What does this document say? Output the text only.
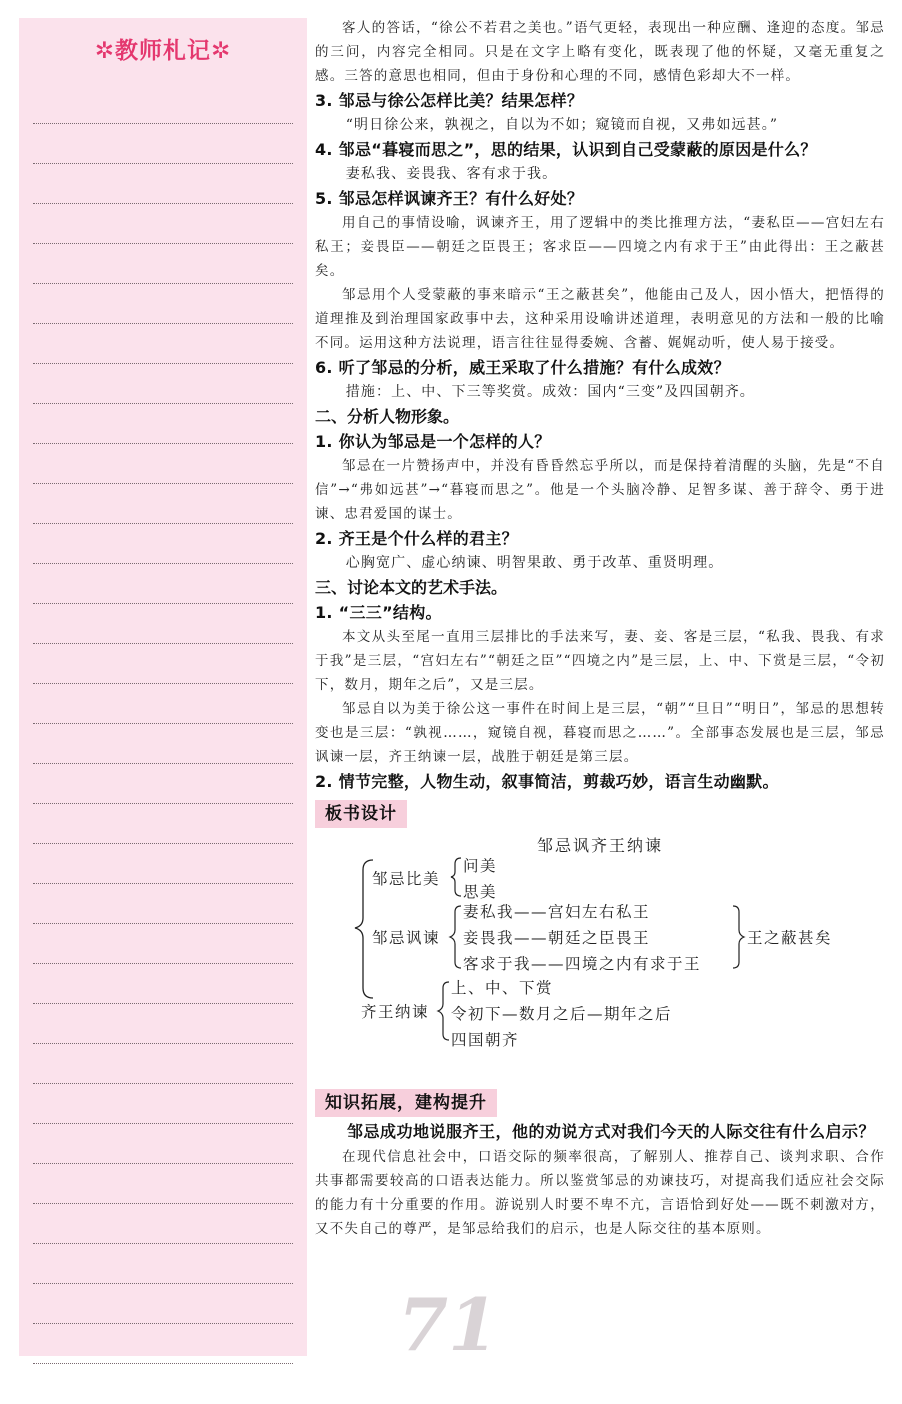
✲教师札记✲
71

客人的答话，“徐公不若君之美也。”语气更轻，表现出一种应酬、逢迎的态度。邹忌的三问，内容完全相同。只是在文字上略有变化，既表现了他的怀疑，又毫无重复之感。三答的意思也相同，但由于身份和心理的不同，感情色彩却大不一样。

3. 邹忌与徐公怎样比美？结果怎样？

“明日徐公来，孰视之，自以为不如；窥镜而自视，又弗如远甚。”

4. 邹忌“暮寝而思之”，思的结果，认识到自己受蒙蔽的原因是什么？

妻私我、妾畏我、客有求于我。

5. 邹忌怎样讽谏齐王？有什么好处？

用自己的事情设喻，讽谏齐王，用了逻辑中的类比推理方法，“妻私臣——宫妇左右私王；妾畏臣——朝廷之臣畏王；客求臣——四境之内有求于王”由此得出：王之蔽甚矣。

邹忌用个人受蒙蔽的事来暗示“王之蔽甚矣”，他能由己及人，因小悟大，把悟得的道理推及到治理国家政事中去，这种采用设喻讲述道理，表明意见的方法和一般的比喻不同。运用这种方法说理，语言往往显得委婉、含蓄、娓娓动听，使人易于接受。

6. 听了邹忌的分析，威王采取了什么措施？有什么成效？

措施：上、中、下三等奖赏。成效：国内“三变”及四国朝齐。

二、分析人物形象。

1. 你认为邹忌是一个怎样的人？

邹忌在一片赞扬声中，并没有昏昏然忘乎所以，而是保持着清醒的头脑，先是“不自信”→“弗如远甚”→“暮寝而思之”。他是一个头脑冷静、足智多谋、善于辞令、勇于进谏、忠君爱国的谋士。

2. 齐王是个什么样的君主？

心胸宽广、虚心纳谏、明智果敢、勇于改革、重贤明理。

三、讨论本文的艺术手法。

1. “三三”结构。

本文从头至尾一直用三层排比的手法来写，妻、妾、客是三层，“私我、畏我、有求于我”是三层，“宫妇左右”“朝廷之臣”“四境之内”是三层，上、中、下赏是三层，“令初下，数月，期年之后”，又是三层。

邹忌自以为美于徐公这一事件在时间上是三层，“朝”“旦日”“明日”，邹忌的思想转变也是三层：“孰视……，窥镜自视，暮寝而思之……”。全部事态发展也是三层，邹忌讽谏一层，齐王纳谏一层，战胜于朝廷是第三层。

2. 情节完整，人物生动，叙事简洁，剪裁巧妙，语言生动幽默。

板书设计
邹忌讽齐王纳谏
邹忌比美
问美
思美
邹忌讽谏
妻私我——宫妇左右私王
妾畏我——朝廷之臣畏王
客求于我——四境之内有求于王
王之蔽甚矣
齐王纳谏
上、中、下赏
令初下—数月之后—期年之后
四国朝齐
知识拓展，建构提升

邹忌成功地说服齐王，他的劝说方式对我们今天的人际交往有什么启示？

在现代信息社会中，口语交际的频率很高，了解别人、推荐自己、谈判求职、合作共事都需要较高的口语表达能力。所以鉴赏邹忌的劝谏技巧，对提高我们适应社会交际的能力有十分重要的作用。游说别人时要不卑不亢，言语恰到好处——既不刺激对方，又不失自己的尊严，是邹忌给我们的启示，也是人际交往的基本原则。
